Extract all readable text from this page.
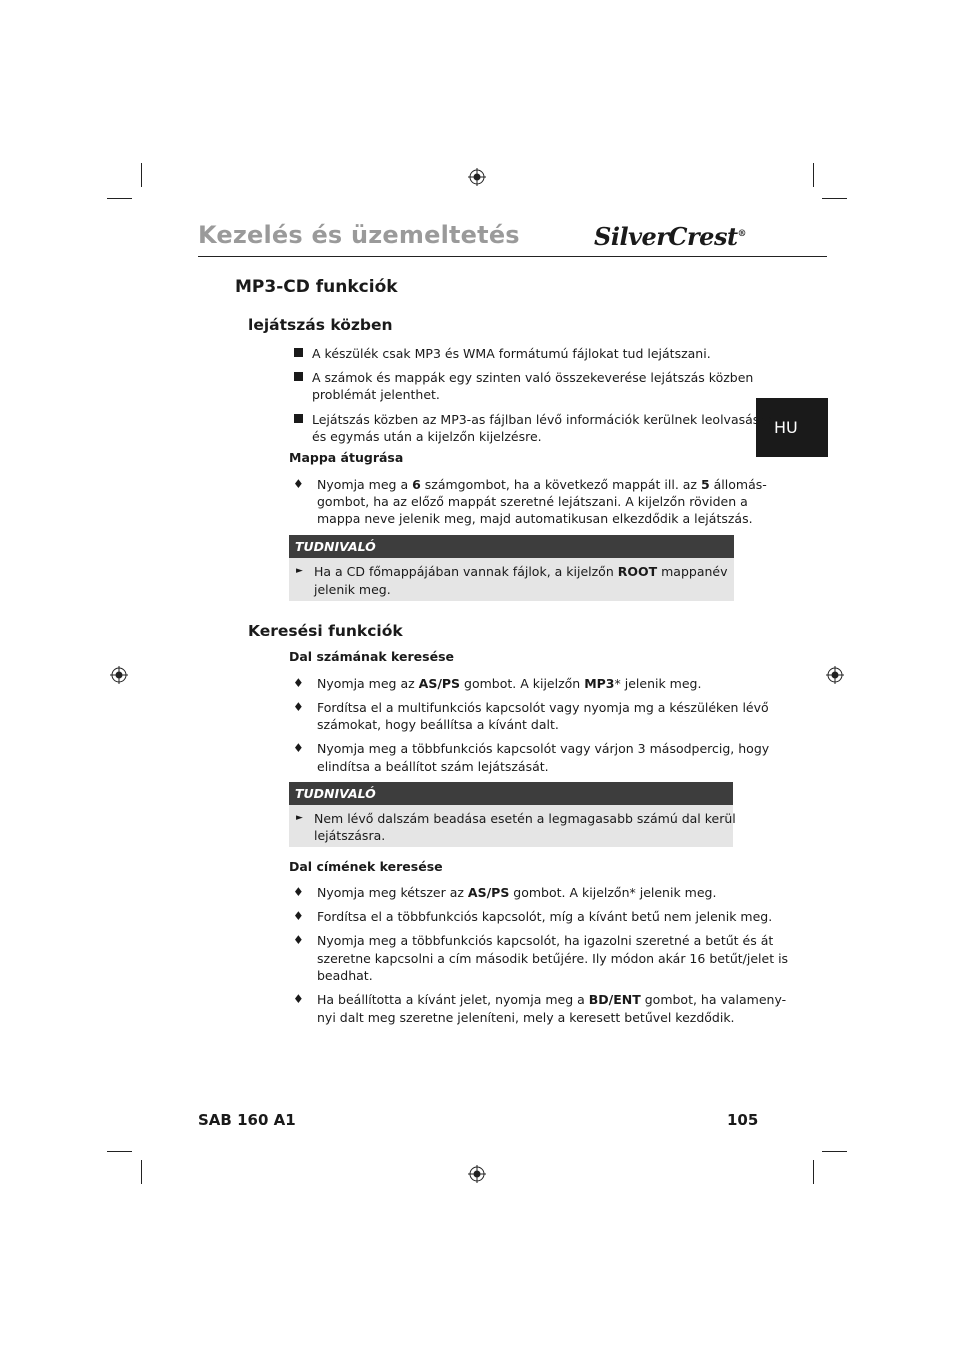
Kezelés és üzemeltetés	SilverCrest®
HU
MP3-CD funkciók
lejátszás közben
A készülék csak MP3 és WMA formátumú fájlokat tud lejátszani.
A számok és mappák egy szinten való összekeverése lejátszás közben
problémát jelenthet.
Lejátszás közben az MP3-as fájlban lévő információk kerülnek leolvasásra
és egymás után a kijelzőn kijelzésre.
Mappa átugrása
♦ Nyomja meg a 6 számgombot, ha a következő mappát ill. az 5 állomás-
gombot, ha az előző mappát szeretné lejátszani. A kijelzőn röviden a
mappa neve jelenik meg, majd automatikusan elkezdődik a lejátszás.
TUDNIVALÓ
► Ha a CD főmappájában vannak fájlok, a kijelzőn ROOT mappanév
jelenik meg.
Keresési funkciók
Dal számának keresése
♦ Nyomja meg az AS/PS gombot. A kijelzőn MP3* jelenik meg.
♦ Fordítsa el a multifunkciós kapcsolót vagy nyomja mg a készüléken lévő
számokat, hogy beállítsa a kívánt dalt.
♦ Nyomja meg a többfunkciós kapcsolót vagy várjon 3 másodpercig, hogy
elindítsa a beállítot szám lejátszását.
TUDNIVALÓ
► Nem lévő dalszám beadása esetén a legmagasabb számú dal kerül
lejátszásra.
Dal címének keresése
♦ Nyomja meg kétszer az AS/PS gombot. A kijelzőn* jelenik meg.
♦ Fordítsa el a többfunkciós kapcsolót, míg a kívánt betű nem jelenik meg.
♦ Nyomja meg a többfunkciós kapcsolót, ha igazolni szeretné a betűt és át
szeretne kapcsolni a cím második betűjére. Ily módon akár 16 betűt/jelet is
beadhat.
♦ Ha beállította a kívánt jelet, nyomja meg a BD/ENT gombot, ha valameny-
nyi dalt meg szeretne jeleníteni, mely a keresett betűvel kezdődik.
SAB 160 A1	105
